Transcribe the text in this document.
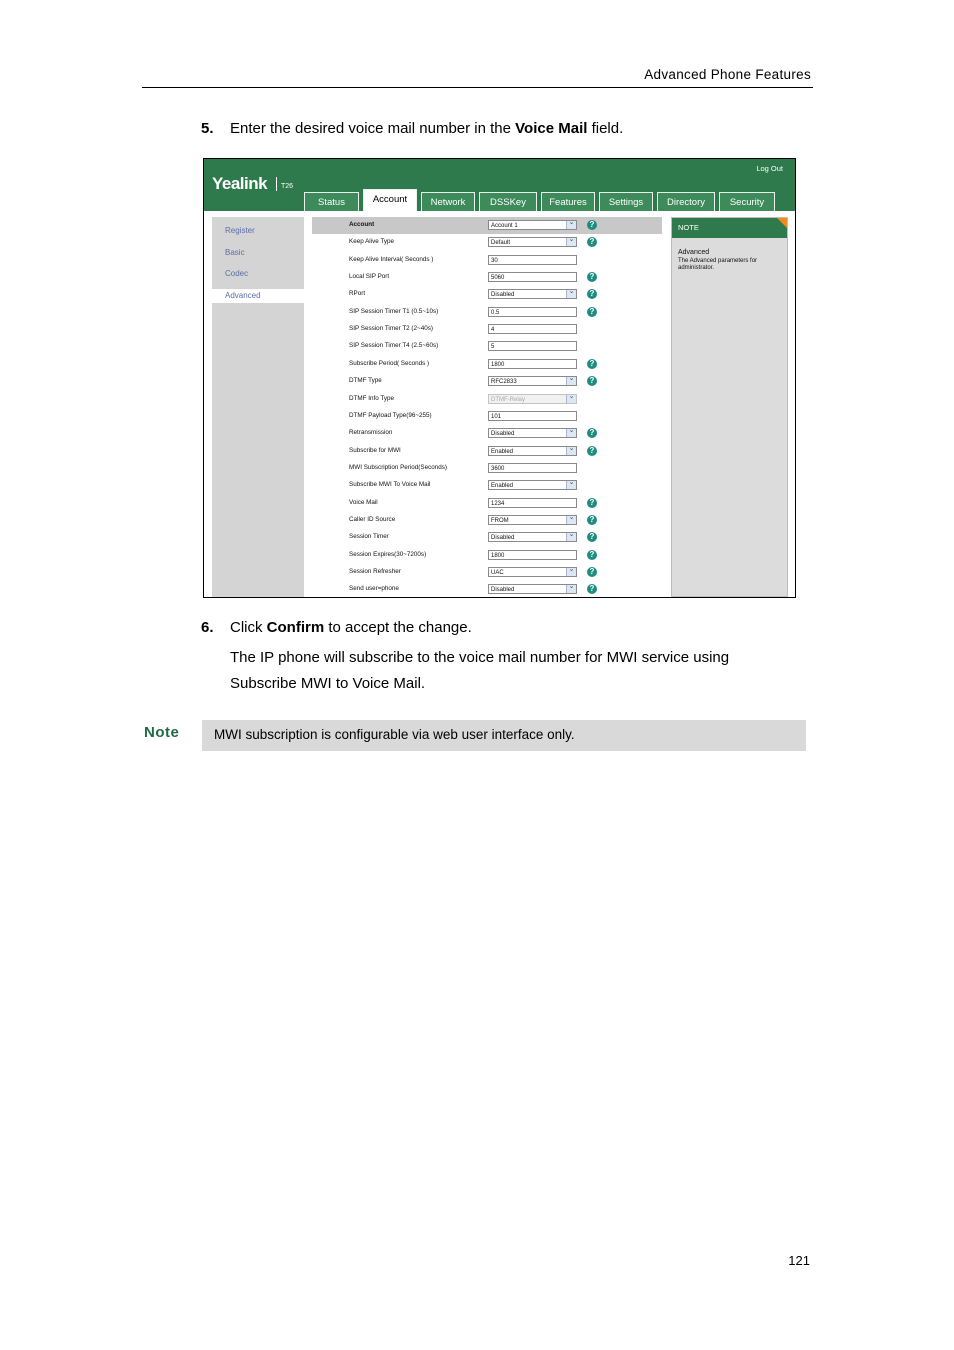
Advanced Phone Features
5. Enter the desired voice mail number in the Voice Mail field.
Yealink	T26
Log Out
Status	Account	Network	DSSKey	Features	Settings	Directory	Security
Register
Basic
Codec
Advanced
Account	Account 1 ⌄	?
Keep Alive Type	Default ⌄	?
Keep Alive Interval( Seconds )	30
Local SIP Port	5060	?
RPort	Disabled ⌄	?
SIP Session Timer T1 (0.5~10s)	0.5	?
SIP Session Timer T2 (2~40s)	4
SIP Session Timer T4 (2.5~60s)	5
Subscribe Period( Seconds )	1800	?
DTMF Type	RFC2833 ⌄	?
DTMF Info Type	DTMF-Relay ⌄
DTMF Payload Type(96~255)	101
Retransmission	Disabled ⌄	?
Subscribe for MWI	Enabled ⌄	?
MWI Subscription Period(Seconds)	3600
Subscribe MWI To Voice Mail	Enabled ⌄
Voice Mail	1234	?
Caller ID Source	FROM ⌄	?
Session Timer	Disabled ⌄	?
Session Expires(30~7200s)	1800	?
Session Refresher	UAC ⌄	?
Send user=phone	Disabled ⌄	?
NOTE
Advanced
The Advanced parameters for administrator.
6. Click Confirm to accept the change.
The IP phone will subscribe to the voice mail number for MWI service using Subscribe MWI to Voice Mail.
Note	MWI subscription is configurable via web user interface only.
121
